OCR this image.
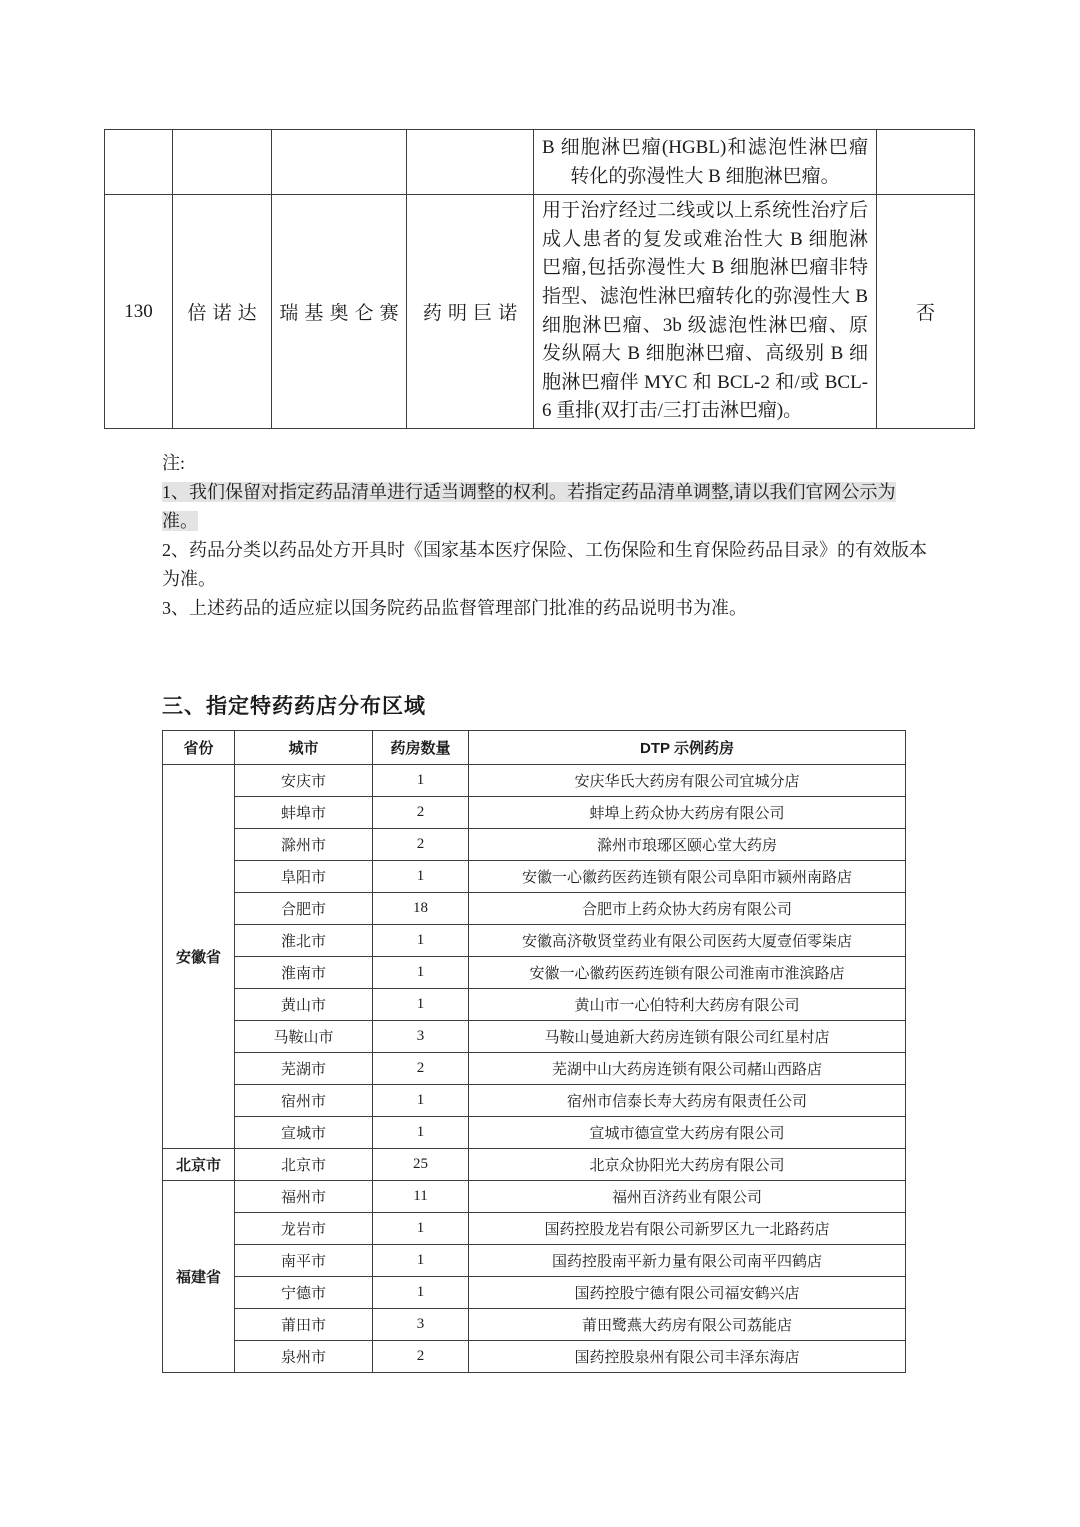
				B 细胞淋巴瘤(HGBL)和滤泡性淋巴瘤
转化的弥漫性大 B 细胞淋巴瘤。	

130	倍诺达	瑞基奥仑赛	药明巨诺	用于治疗经过二线或以上系统性治疗后成人患者的复发或难治性大 B 细胞淋巴瘤,包括弥漫性大 B 细胞淋巴瘤非特指型、滤泡性淋巴瘤转化的弥漫性大 B 细胞淋巴瘤、3b 级滤泡性淋巴瘤、原发纵隔大 B 细胞淋巴瘤、高级别 B 细胞淋巴瘤伴 MYC 和 BCL-2 和/或 BCL-6 重排(双打击/三打击淋巴瘤)。	否

注:

1、我们保留对指定药品清单进行适当调整的权利。若指定药品清单调整,请以我们官网公示为准。

2、药品分类以药品处方开具时《国家基本医疗保险、工伤保险和生育保险药品目录》的有效版本为准。

3、上述药品的适应症以国务院药品监督管理部门批准的药品说明书为准。

三、指定特药药店分布区域
省份	城市	药房数量	DTP 示例药房
安徽省	安庆市	1	安庆华氏大药房有限公司宜城分店
	蚌埠市	2	蚌埠上药众协大药房有限公司
	滁州市	2	滁州市琅琊区颐心堂大药房
	阜阳市	1	安徽一心徽药医药连锁有限公司阜阳市颍州南路店
	合肥市	18	合肥市上药众协大药房有限公司
	淮北市	1	安徽高济敬贤堂药业有限公司医药大厦壹佰零柒店
	淮南市	1	安徽一心徽药医药连锁有限公司淮南市淮滨路店
	黄山市	1	黄山市一心伯特利大药房有限公司
	马鞍山市	3	马鞍山曼迪新大药房连锁有限公司红星村店
	芜湖市	2	芜湖中山大药房连锁有限公司赭山西路店
	宿州市	1	宿州市信泰长寿大药房有限责任公司
	宣城市	1	宣城市德宣堂大药房有限公司
北京市	北京市	25	北京众协阳光大药房有限公司
福建省	福州市	11	福州百济药业有限公司
	龙岩市	1	国药控股龙岩有限公司新罗区九一北路药店
	南平市	1	国药控股南平新力量有限公司南平四鹤店
	宁德市	1	国药控股宁德有限公司福安鹤兴店
	莆田市	3	莆田鹭燕大药房有限公司荔能店
	泉州市	2	国药控股泉州有限公司丰泽东海店
